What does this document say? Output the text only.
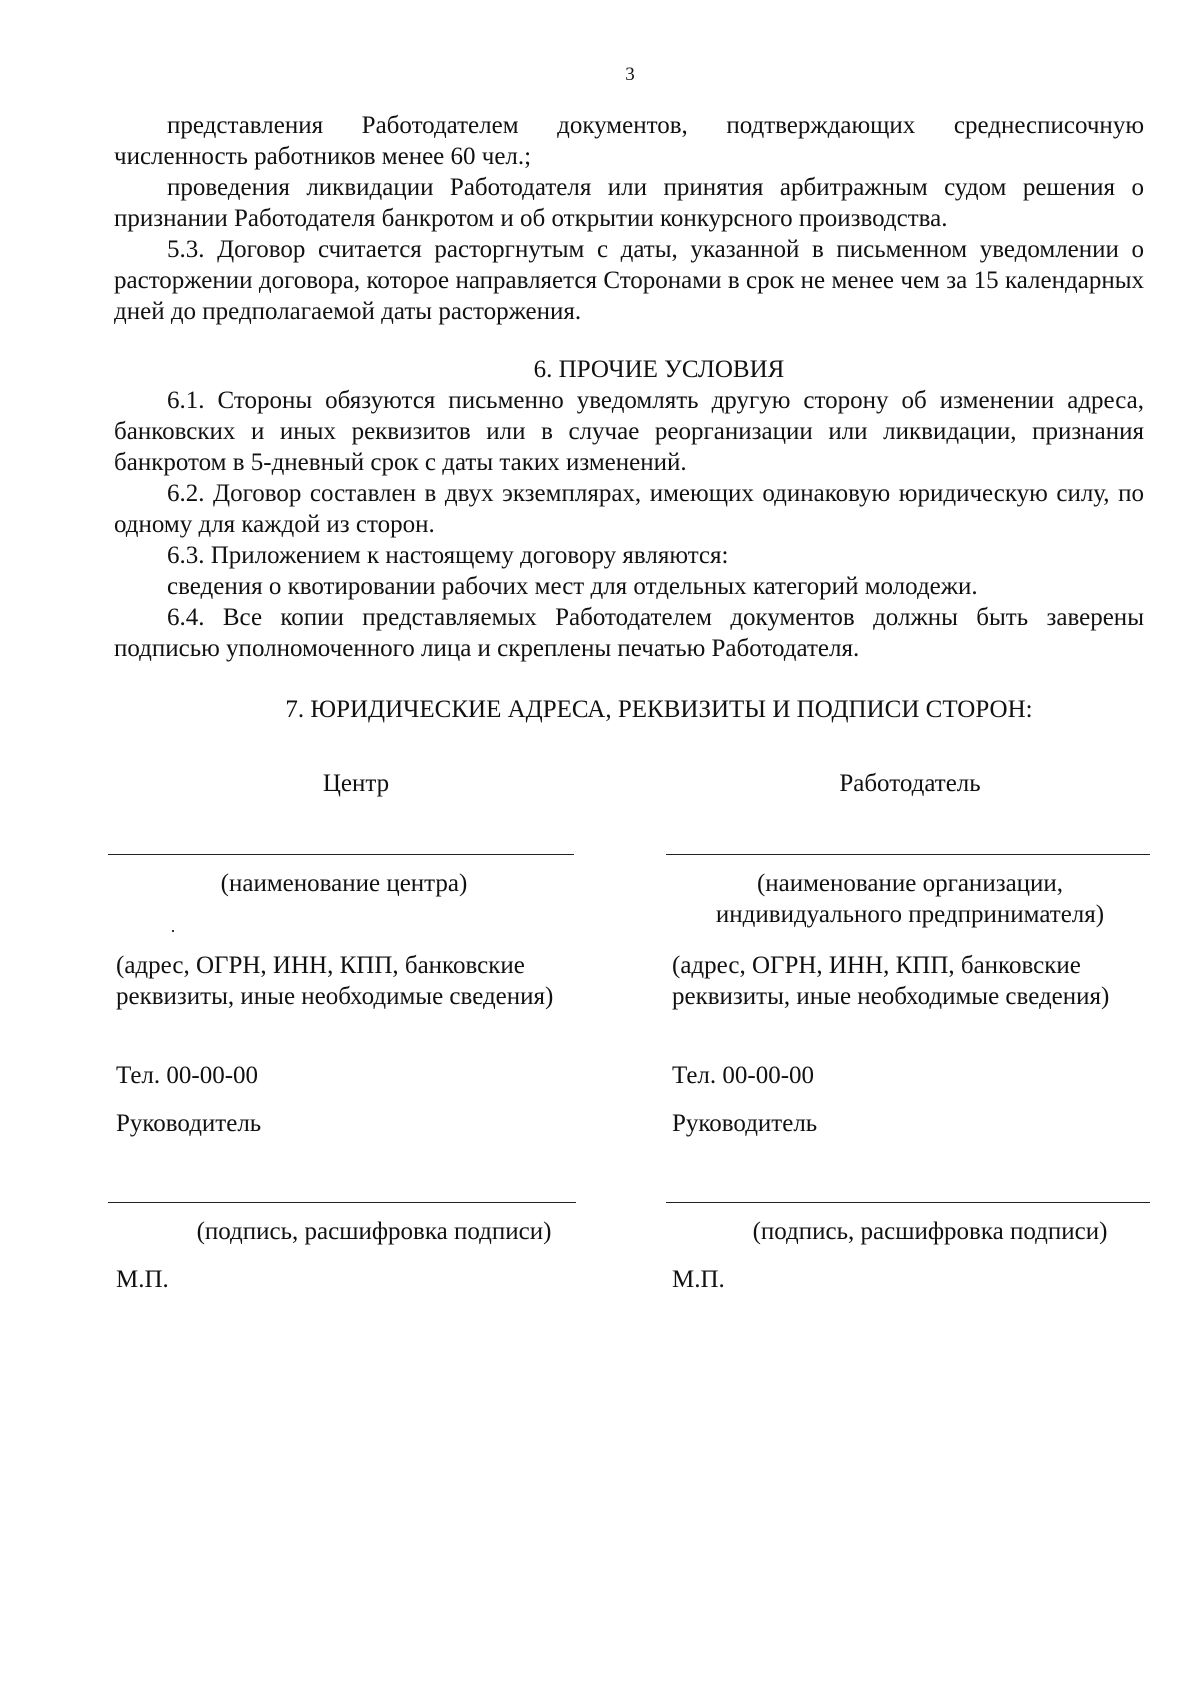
3

представления Работодателем документов, подтверждающих среднесписочную численность работников менее 60 чел.;

проведения ликвидации Работодателя или принятия арбитражным судом решения о признании Работодателя банкротом и об открытии конкурсного производства.

5.3. Договор считается расторгнутым с даты, указанной в письменном уведомлении о расторжении договора, которое направляется Сторонами в срок не менее чем за 15 календарных дней до предполагаемой даты расторжения.

6. ПРОЧИЕ УСЛОВИЯ

6.1. Стороны обязуются письменно уведомлять другую сторону об изменении адреса, банковских и иных реквизитов или в случае реорганизации или ликвидации, признания банкротом в 5-дневный срок с даты таких изменений.

6.2. Договор составлен в двух экземплярах, имеющих одинаковую юридическую силу, по одному для каждой из сторон.

6.3. Приложением к настоящему договору являются:

сведения о квотировании рабочих мест для отдельных категорий молодежи.

6.4. Все копии представляемых Работодателем документов должны быть заверены подписью уполномоченного лица и скреплены печатью Работодателя.

7. ЮРИДИЧЕСКИЕ АДРЕСА, РЕКВИЗИТЫ И ПОДПИСИ СТОРОН:
Центр
(наименование центра)
(адрес, ОГРН, ИНН, КПП, банковские реквизиты, иные необходимые сведения)
Тел. 00-00-00
Руководитель
(подпись, расшифровка подписи)
М.П.
Работодатель
(наименование организации, индивидуального предпринимателя)
(адрес, ОГРН, ИНН, КПП, банковские реквизиты, иные необходимые сведения)
Тел. 00-00-00
Руководитель
(подпись, расшифровка подписи)
М.П.
